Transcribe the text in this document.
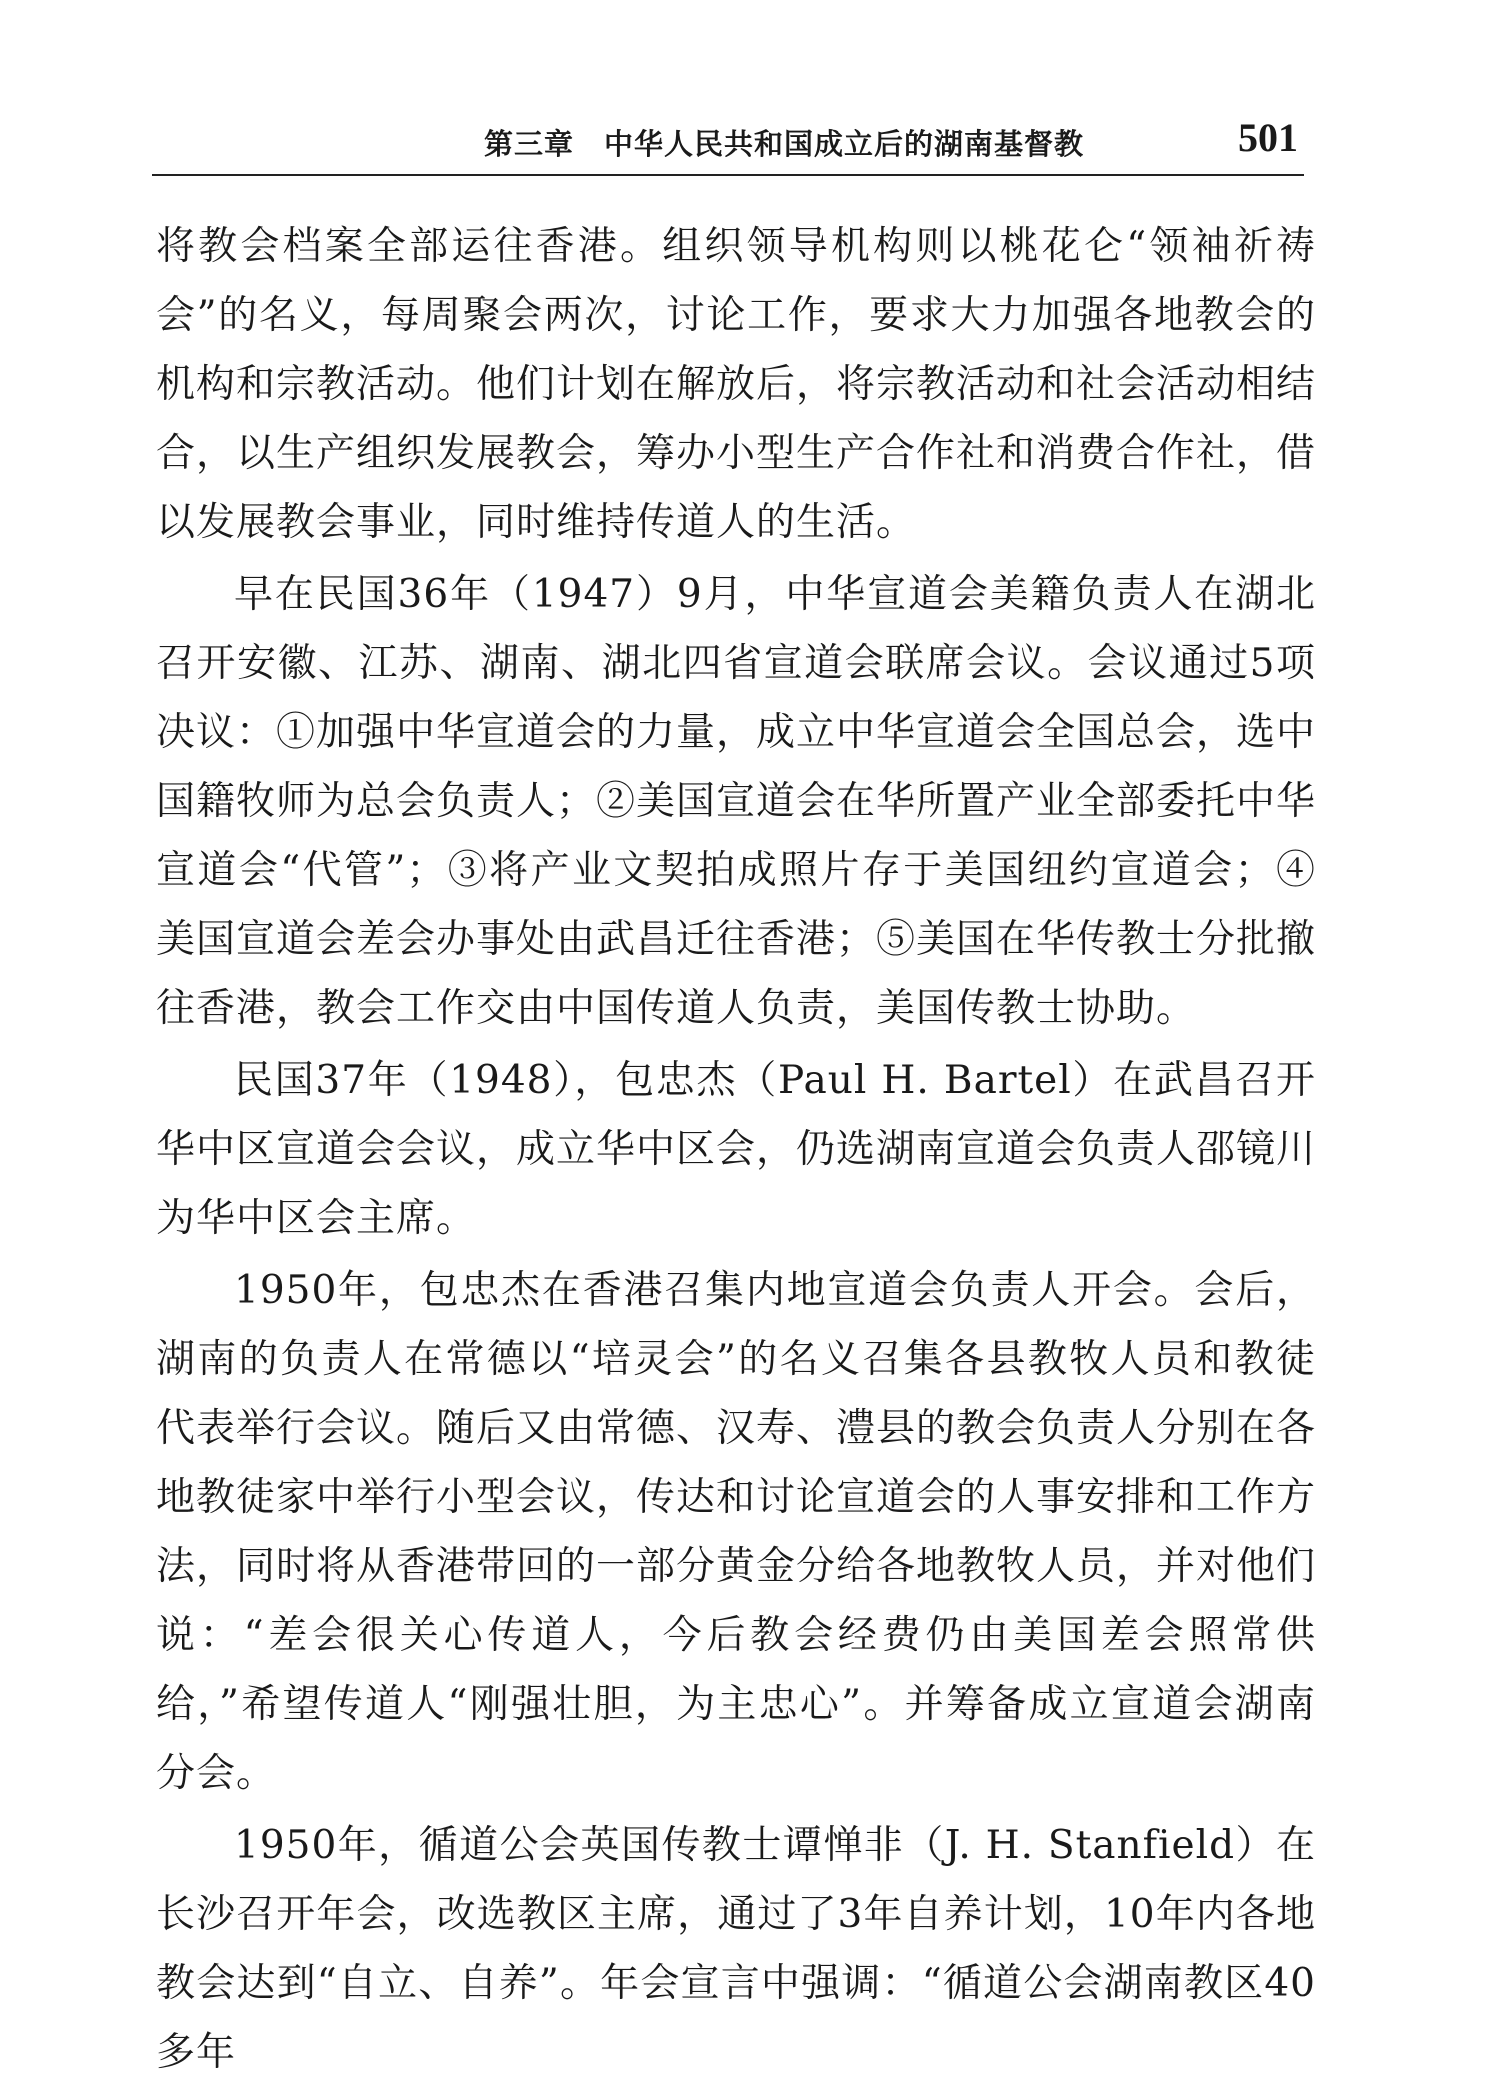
第三章　中华人民共和国成立后的湖南基督教	501

将教会档案全部运往香港。组织领导机构则以桃花仑“领袖祈祷会”的名义，每周聚会两次，讨论工作，要求大力加强各地教会的机构和宗教活动。他们计划在解放后，将宗教活动和社会活动相结合，以生产组织发展教会，筹办小型生产合作社和消费合作社，借以发展教会事业，同时维持传道人的生活。

早在民国36年（1947）9月，中华宣道会美籍负责人在湖北召开安徽、江苏、湖南、湖北四省宣道会联席会议。会议通过5项决议：①加强中华宣道会的力量，成立中华宣道会全国总会，选中国籍牧师为总会负责人；②美国宣道会在华所置产业全部委托中华宣道会“代管”；③将产业文契拍成照片存于美国纽约宣道会；④美国宣道会差会办事处由武昌迁往香港；⑤美国在华传教士分批撤往香港，教会工作交由中国传道人负责，美国传教士协助。

民国37年（1948），包忠杰（Paul H. Bartel）在武昌召开华中区宣道会会议，成立华中区会，仍选湖南宣道会负责人邵镜川为华中区会主席。

1950年，包忠杰在香港召集内地宣道会负责人开会。会后，湖南的负责人在常德以“培灵会”的名义召集各县教牧人员和教徒代表举行会议。随后又由常德、汉寿、澧县的教会负责人分别在各地教徒家中举行小型会议，传达和讨论宣道会的人事安排和工作方法，同时将从香港带回的一部分黄金分给各地教牧人员，并对他们说：“差会很关心传道人，今后教会经费仍由美国差会照常供给，”希望传道人“刚强壮胆，为主忠心”。并筹备成立宣道会湖南分会。

1950年，循道公会英国传教士谭惮非（J. H. Stanfield）在长沙召开年会，改选教区主席，通过了3年自养计划，10年内各地教会达到“自立、自养”。年会宣言中强调：“循道公会湖南教区40多年
